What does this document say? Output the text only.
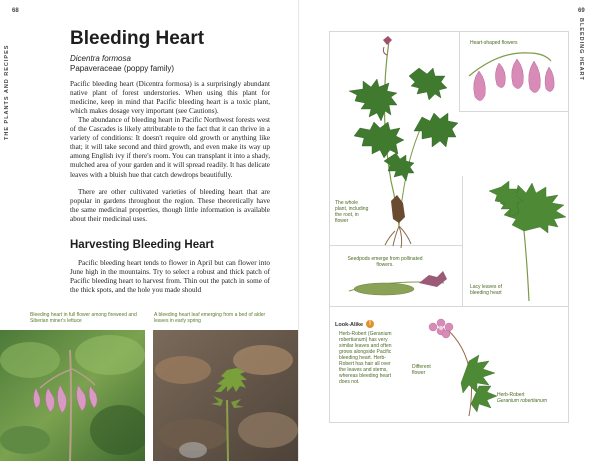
68
THE PLANTS AND RECIPES
Bleeding Heart
Dicentra formosa
Papaveraceae (poppy family)

Pacific bleeding heart (Dicentra formosa) is a surprisingly abundant native plant of forest understories. When using this plant for medicine, keep in mind that Pacific bleeding heart is a toxic plant, which makes dosage very important (see Cautions).

The abundance of bleeding heart in Pacific Northwest forests west of the Cascades is likely attributable to the fact that it can thrive in a variety of conditions: It doesn't require old growth or anything like that; it will take second and third growth, and even make its way up among English ivy if there's room. You can transplant it into a shady, mulched area of your garden and it will spread readily. It has delicate leaves with a bluish hue that catch dewdrops beautifully.

There are other cultivated varieties of bleeding heart that are popular in gardens throughout the region. These theoretically have the same medicinal properties, though little information is available about their medicinal uses.

Harvesting Bleeding Heart

Pacific bleeding heart tends to flower in April but can flower into June high in the mountains. Try to select a robust and thick patch of Pacific bleeding heart to harvest from. Thin out the patch in some of the thick spots, and the hole you made should

Bleeding heart in full flower among fireweed and Siberian miner's lettuce
A bleeding heart leaf emerging from a bed of alder leaves in early spring
69
BLEEDING HEART
Heart-shaped flowers
The whole plant, including the root, in flower
Seedpods emerge from pollinated flowers.
Lacy leaves of bleeding heart
Different flower
Herb-Robert
Geranium robertianum
Look-Alike !
Herb-Robert (Geranium robertianum) has very similar leaves and often grows alongside Pacific bleeding heart. Herb-Robert has hair all over the leaves and stems, whereas bleeding heart does not.
